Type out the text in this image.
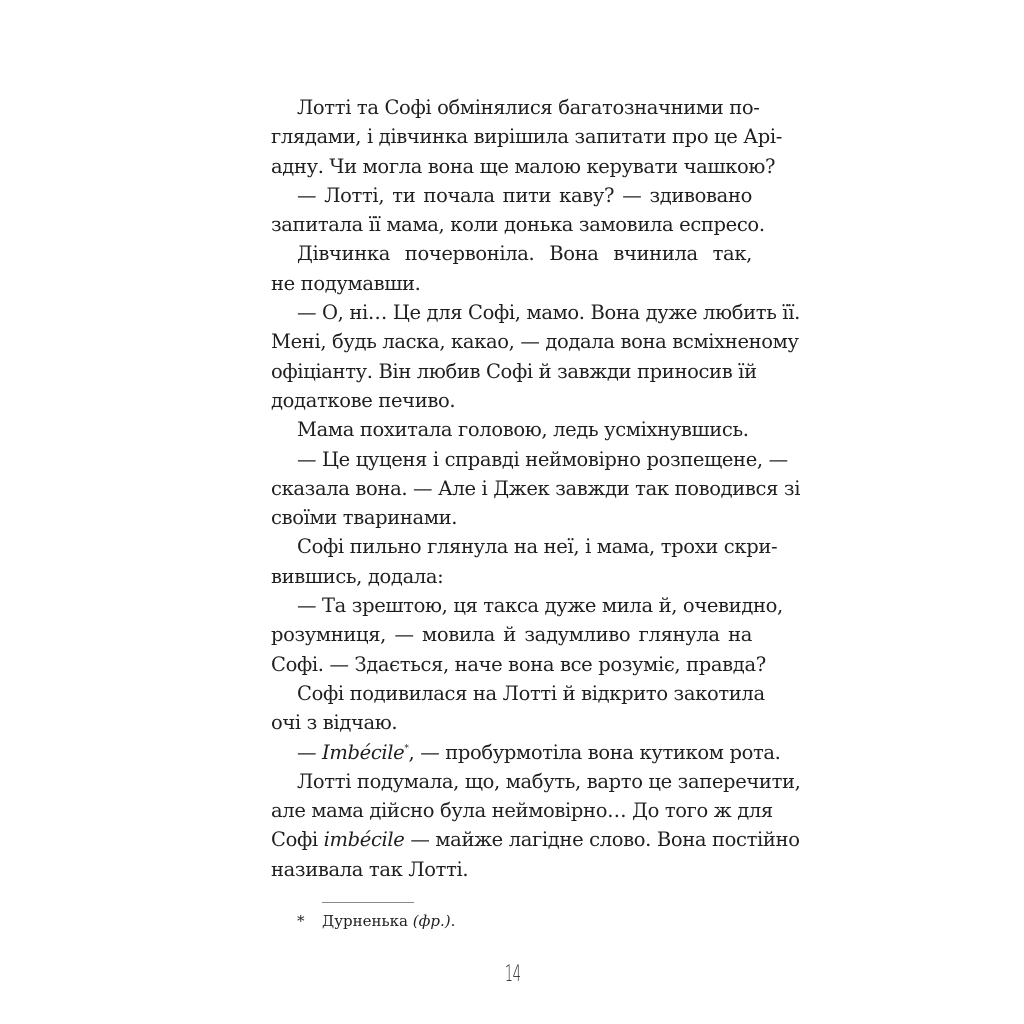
Лотті та Софі обмінялися багатозначними по-
глядами, і дівчинка вирішила запитати про це Арі-
адну. Чи могла вона ще малою керувати чашкою?
— Лотті, ти почала пити каву? — здивовано
запитала її мама, коли донька замовила еспресо.
Дівчинка почервоніла. Вона вчинила так,
не подумавши.
— О, ні… Це для Софі, мамо. Вона дуже любить її.
Мені, будь ласка, какао, — додала вона всміхненому
офіціанту. Він любив Софі й завжди приносив їй
додаткове печиво.
Мама похитала головою, ледь усміхнувшись.
— Це цуценя і справді неймовірно розпещене, —
сказала вона. — Але і Джек завжди так поводився зі
своїми тваринами.
Софі пильно глянула на неї, і мама, трохи скри-
вившись, додала:
— Та зрештою, ця такса дуже мила й, очевидно,
розумниця, — мовила й задумливо глянула на
Софі. — Здається, наче вона все розуміє, правда?
Софі подивилася на Лотті й відкрито закотила
очі з відчаю.
— Imbécile*, — пробурмотіла вона кутиком рота.
Лотті подумала, що, мабуть, варто це заперечити,
але мама дійсно була неймовірно… До того ж для
Софі imbécile — майже лагідне слово. Вона постійно
називала так Лотті.
* Дурненька (фр.).
14
